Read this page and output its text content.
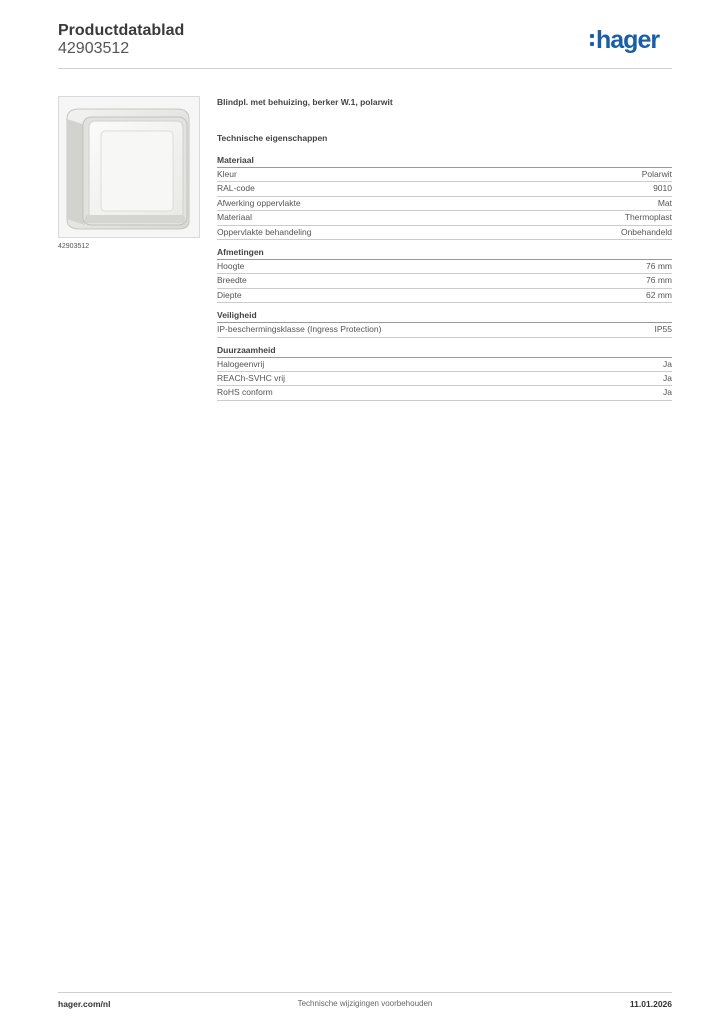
Productdatablad
42903512	hager
42903512
Blindpl. met behuizing, berker W.1, polarwit
Technische eigenschappen
Materiaal
Kleur	Polarwit
RAL-code	9010
Afwerking oppervlakte	Mat
Materiaal	Thermoplast
Oppervlakte behandeling	Onbehandeld
Afmetingen
Hoogte	76 mm
Breedte	76 mm
Diepte	62 mm
Veiligheid
IP-beschermingsklasse (Ingress Protection)	IP55
Duurzaamheid
Halogeenvrij	Ja
REACh-SVHC vrij	Ja
RoHS conform	Ja
hager.com/nl	Technische wijzigingen voorbehouden	11.01.2026
